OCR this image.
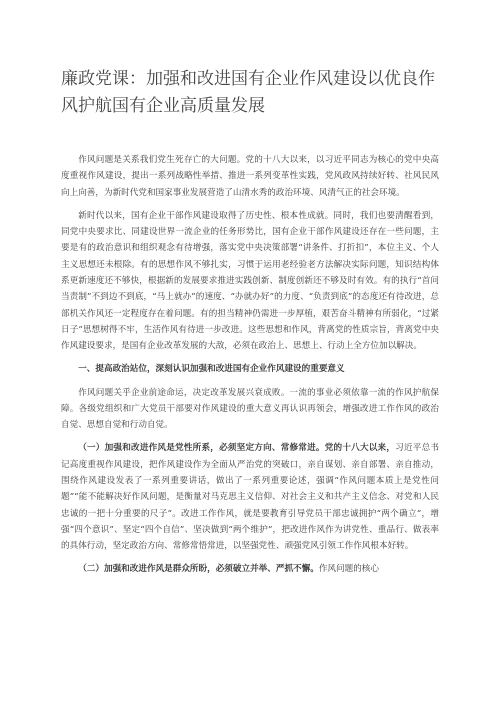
廉政党课：加强和改进国有企业作风建设以优良作风护航国有企业高质量发展

作风问题是关系我们党生死存亡的大问题。党的十八大以来，以习近平同志为核心的党中央高度重视作风建设，提出一系列战略性举措、推进一系列变革性实践，党风政风持续好转、社风民风向上向善，为新时代党和国家事业发展营造了山清水秀的政治环境、风清气正的社会环境。

新时代以来，国有企业干部作风建设取得了历史性、根本性成就。同时，我们也要清醒看到，同党中央要求比、同建设世界一流企业的任务形势比，国有企业干部作风建设还存在一些问题，主要是有的政治意识和组织观念有待增强，落实党中央决策部署“讲条件、打折扣”，本位主义、个人主义思想还未根除。有的思想作风不够扎实，习惯于运用老经验老方法解决实际问题，知识结构体系更新速度还不够快，根据新的发展要求推进实践创新、制度创新还不够及时有效。有的执行“首问当责制”不到边不到底，“马上就办”的速度、“办就办好”的力度、“负责到底”的态度还有待改进，总部机关作风还一定程度存在着问题。有的担当精神仍需进一步厚植，艰苦奋斗精神有所弱化，“过紧日子”思想树得不牢，生活作风有待进一步改进。这些思想和作风，背离党的性质宗旨，背离党中央作风建设要求，是国有企业改革发展的大敌，必须在政治上、思想上、行动上全方位加以解决。

一、提高政治站位，深刻认识加强和改进国有企业作风建设的重要意义

作风问题关乎企业前途命运，决定改革发展兴衰成败。一流的事业必须依靠一流的作风护航保障。各级党组织和广大党员干部要对作风建设的重大意义再认识再领会，增强改进工作作风的政治自觉、思想自觉和行动自觉。

（一）加强和改进作风是党性所系，必须坚定方向、常修常进。党的十八大以来，习近平总书记高度重视作风建设，把作风建设作为全面从严治党的突破口，亲自谋划、亲自部署、亲自推动，围绕作风建设发表了一系列重要讲话，做出了一系列重要论述，强调“作风问题本质上是党性问题”“能不能解决好作风问题，是衡量对马克思主义信仰、对社会主义和共产主义信念、对党和人民忠诚的一把十分重要的尺子”。改进工作作风，就是要教育引导党员干部忠诚拥护“两个确立”，增强“四个意识”、坚定“四个自信”、坚决做到“两个维护”，把改进作风作为讲党性、重品行、做表率的具体行动，坚定政治方向、常修常悟常进，以坚强党性、顽强党风引领工作作风根本好转。

（二）加强和改进作风是群众所盼，必须破立并举、严抓不懈。作风问题的核心
